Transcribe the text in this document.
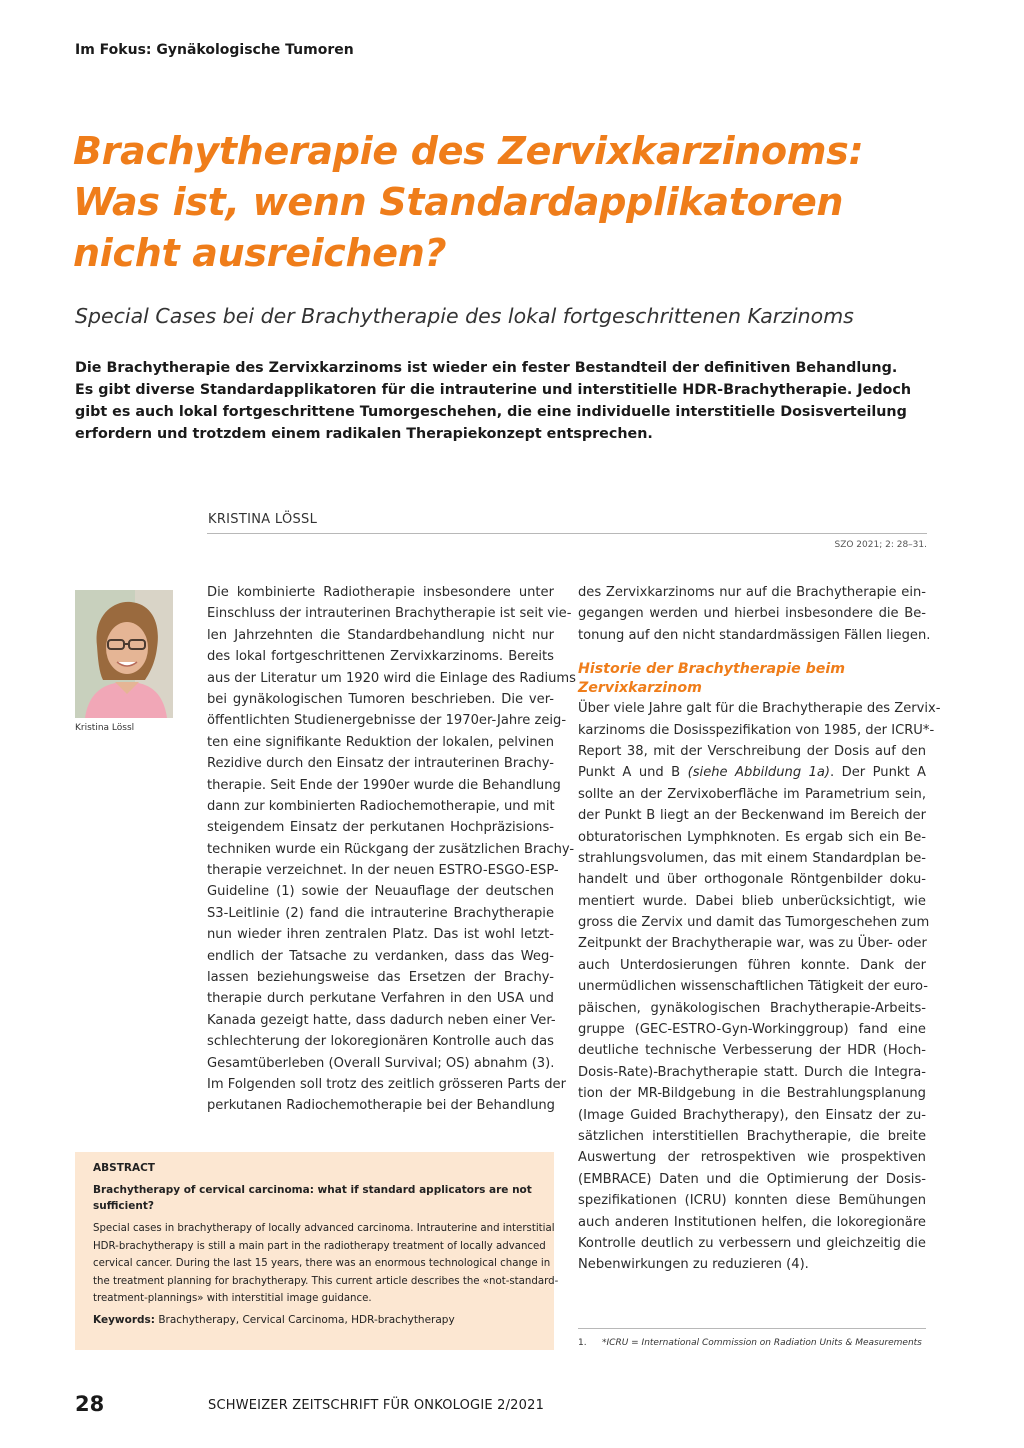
Im Fokus: Gynäkologische Tumoren
Brachytherapie des Zervixkarzinoms:
Was ist, wenn Standardapplikatoren
nicht ausreichen?
Special Cases bei der Brachytherapie des lokal fortgeschrittenen Karzinoms
Die Brachytherapie des Zervixkarzinoms ist wieder ein fester Bestandteil der definitiven Behandlung.
Es gibt diverse Standardapplikatoren für die intrauterine und interstitielle HDR-Brachytherapie. Jedoch
gibt es auch lokal fortgeschrittene Tumorgeschehen, die eine individuelle interstitielle Dosisverteilung
erfordern und trotzdem einem radikalen Therapiekonzept entsprechen.
KRISTINA LÖSSL
SZO 2021; 2: 28–31.
Kristina Lössl
Die kombinierte Radiotherapie insbesondere unter
Einschluss der intrauterinen Brachytherapie ist seit vie-
len Jahrzehnten die Standardbehandlung nicht nur
des lokal fortgeschrittenen Zervixkarzinoms. Bereits
aus der Literatur um 1920 wird die Einlage des Radiums
bei gynäkologischen Tumoren beschrieben. Die ver-
öffentlichten Studienergebnisse der 1970er-Jahre zeig-
ten eine signifikante Reduktion der lokalen, pelvinen
Rezidive durch den Einsatz der intrauterinen Brachy-
therapie. Seit Ende der 1990er wurde die Behandlung
dann zur kombinierten Radiochemotherapie, und mit
steigendem Einsatz der perkutanen Hochpräzisions-
techniken wurde ein Rückgang der zusätzlichen Brachy-
therapie verzeichnet. In der neuen ESTRO-ESGO-ESP-
Guideline (1) sowie der Neuauflage der deutschen
S3-Leitlinie (2) fand die intrauterine Brachytherapie
nun wieder ihren zentralen Platz. Das ist wohl letzt-
endlich der Tatsache zu verdanken, dass das Weg-
lassen beziehungsweise das Ersetzen der Brachy-
therapie durch perkutane Verfahren in den USA und
Kanada gezeigt hatte, dass dadurch neben einer Ver-
schlechterung der lokoregionären Kontrolle auch das
Gesamtüberleben (Overall Survival; OS) abnahm (3).
Im Folgenden soll trotz des zeitlich grösseren Parts der
perkutanen Radiochemotherapie bei der Behandlung
des Zervixkarzinoms nur auf die Brachytherapie ein-
gegangen werden und hierbei insbesondere die Be-
tonung auf den nicht standardmässigen Fällen liegen.
Historie der Brachytherapie beim
Zervixkarzinom
Über viele Jahre galt für die Brachytherapie des Zervix-
karzinoms die Dosisspezifikation von 1985, der ICRU*-
Report 38, mit der Verschreibung der Dosis auf den
Punkt A und B (siehe Abbildung 1a). Der Punkt A
sollte an der Zervixoberfläche im Parametrium sein,
der Punkt B liegt an der Beckenwand im Bereich der
obturatorischen Lymphknoten. Es ergab sich ein Be-
strahlungsvolumen, das mit einem Standardplan be-
handelt und über orthogonale Röntgenbilder doku-
mentiert wurde. Dabei blieb unberücksichtigt, wie
gross die Zervix und damit das Tumorgeschehen zum
Zeitpunkt der Brachytherapie war, was zu Über- oder
auch Unterdosierungen führen konnte. Dank der
unermüdlichen wissenschaftlichen Tätigkeit der euro-
päischen, gynäkologischen Brachytherapie-Arbeits-
gruppe (GEC-ESTRO-Gyn-Workinggroup) fand eine
deutliche technische Verbesserung der HDR (Hoch-
Dosis-Rate)-Brachytherapie statt. Durch die Integra-
tion der MR-Bildgebung in die Bestrahlungsplanung
(Image Guided Brachytherapy), den Einsatz der zu-
sätzlichen interstitiellen Brachytherapie, die breite
Auswertung der retrospektiven wie prospektiven
(EMBRACE) Daten und die Optimierung der Dosis-
spezifikationen (ICRU) konnten diese Bemühungen
auch anderen Institutionen helfen, die lokoregionäre
Kontrolle deutlich zu verbessern und gleichzeitig die
Nebenwirkungen zu reduzieren (4).
ABSTRACT
Brachytherapy of cervical carcinoma: what if standard applicators are not
sufficient?
Special cases in brachytherapy of locally advanced carcinoma. Intrauterine and interstitial
HDR-brachytherapy is still a main part in the radiotherapy treatment of locally advanced
cervical cancer. During the last 15 years, there was an enormous technological change in
the treatment planning for brachytherapy. This current article describes the «not-standard-
treatment-plannings» with interstitial image guidance.
Keywords: Brachytherapy, Cervical Carcinoma, HDR-brachytherapy
1. *ICRU = International Commission on Radiation Units & Measurements
28	SCHWEIZER ZEITSCHRIFT FÜR ONKOLOGIE 2/2021
